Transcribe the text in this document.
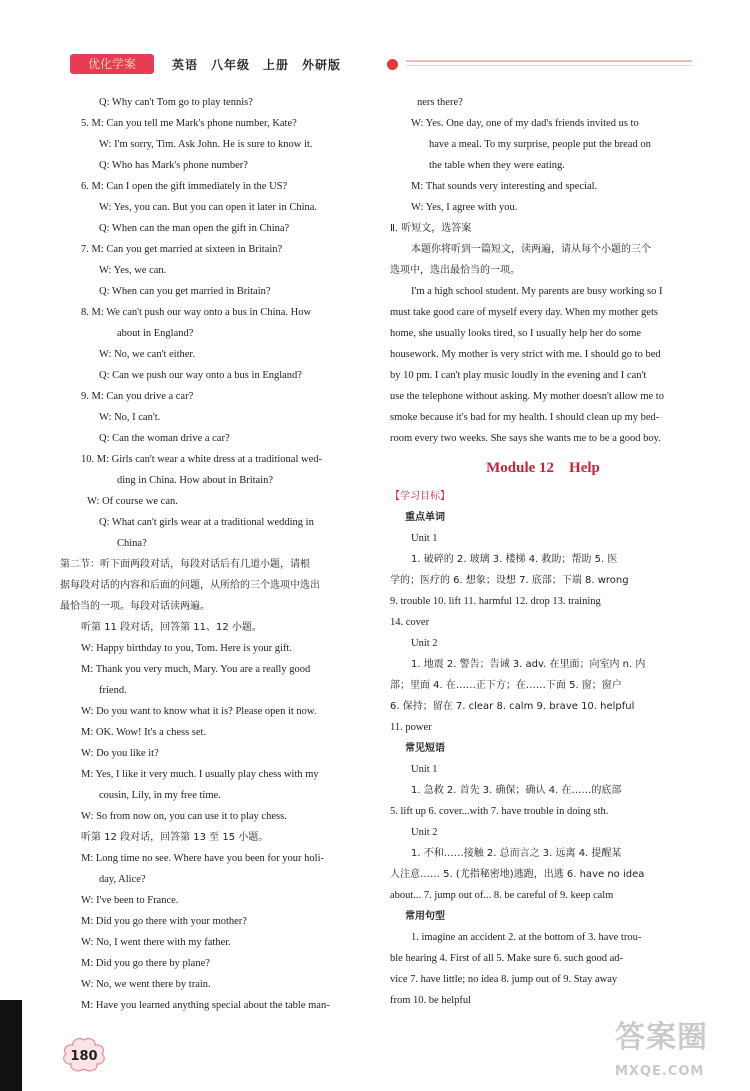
优化学案	英语　八年级　上册　外研版
Q: Why can't Tom go to play tennis?
5. M: Can you tell me Mark's phone number, Kate?
W: I'm sorry, Tim. Ask John. He is sure to know it.
Q: Who has Mark's phone number?
6. M: Can I open the gift immediately in the US?
W: Yes, you can. But you can open it later in China.
Q: When can the man open the gift in China?
7. M: Can you get married at sixteen in Britain?
W: Yes, we can.
Q: When can you get married in Britain?
8. M: We can't push our way onto a bus in China. How
about in England?
W: No, we can't either.
Q: Can we push our way onto a bus in England?
9. M: Can you drive a car?
W: No, I can't.
Q: Can the woman drive a car?
10. M: Girls can't wear a white dress at a traditional wed-
ding in China. How about in Britain?
W: Of course we can.
Q: What can't girls wear at a traditional wedding in
China?
第二节：听下面两段对话，每段对话后有几道小题，请根
据每段对话的内容和后面的问题，从所给的三个选项中选出
最恰当的一项。每段对话读两遍。
听第 11 段对话，回答第 11、12 小题。
W: Happy birthday to you, Tom. Here is your gift.
M: Thank you very much, Mary. You are a really good
friend.
W: Do you want to know what it is? Please open it now.
M: OK. Wow! It's a chess set.
W: Do you like it?
M: Yes, I like it very much. I usually play chess with my
cousin, Lily, in my free time.
W: So from now on, you can use it to play chess.
听第 12 段对话，回答第 13 至 15 小题。
M: Long time no see. Where have you been for your holi-
day, Alice?
W: I've been to France.
M: Did you go there with your mother?
W: No, I went there with my father.
M: Did you go there by plane?
W: No, we went there by train.
M: Have you learned anything special about the table man-
ners there?
W: Yes. One day, one of my dad's friends invited us to
have a meal. To my surprise, people put the bread on
the table when they were eating.
M: That sounds very interesting and special.
W: Yes, I agree with you.
Ⅱ. 听短文，选答案
本题你将听到一篇短文，读两遍，请从每个小题的三个
选项中，选出最恰当的一项。
I'm a high school student. My parents are busy working so I
must take good care of myself every day. When my mother gets
home, she usually looks tired, so I usually help her do some
housework. My mother is very strict with me. I should go to bed
by 10 pm. I can't play music loudly in the evening and I can't
use the telephone without asking. My mother doesn't allow me to
smoke because it's bad for my health. I should clean up my bed-
room every two weeks. She says she wants me to be a good boy.
Module 12　Help
【学习目标】
重点单词
Unit 1
1. 破碎的 2. 玻璃 3. 楼梯 4. 救助；帮助 5. 医
学的；医疗的 6. 想象；设想 7. 底部；下端 8. wrong
9. trouble 10. lift 11. harmful 12. drop 13. training
14. cover
Unit 2
1. 地震 2. 警告；告诫 3. adv. 在里面；向室内 n. 内
部；里面 4. 在……正下方；在……下面 5. 窗；窗户
6. 保持；留在 7. clear 8. calm 9. brave 10. helpful
11. power
常见短语
Unit 1
1. 急救 2. 首先 3. 确保；确认 4. 在……的底部
5. lift up 6. cover...with 7. have trouble in doing sth.
Unit 2
1. 不和……接触 2. 总而言之 3. 远离 4. 提醒某
人注意…… 5. (尤指秘密地)逃跑，出逃 6. have no idea
about... 7. jump out of... 8. be careful of 9. keep calm
常用句型
1. imagine an accident 2. at the bottom of 3. have trou-
ble hearing 4. First of all 5. Make sure 6. such good ad-
vice 7. have little; no idea 8. jump out of 9. Stay away
from 10. be helpful
180
答案圈
MXQE.COM
